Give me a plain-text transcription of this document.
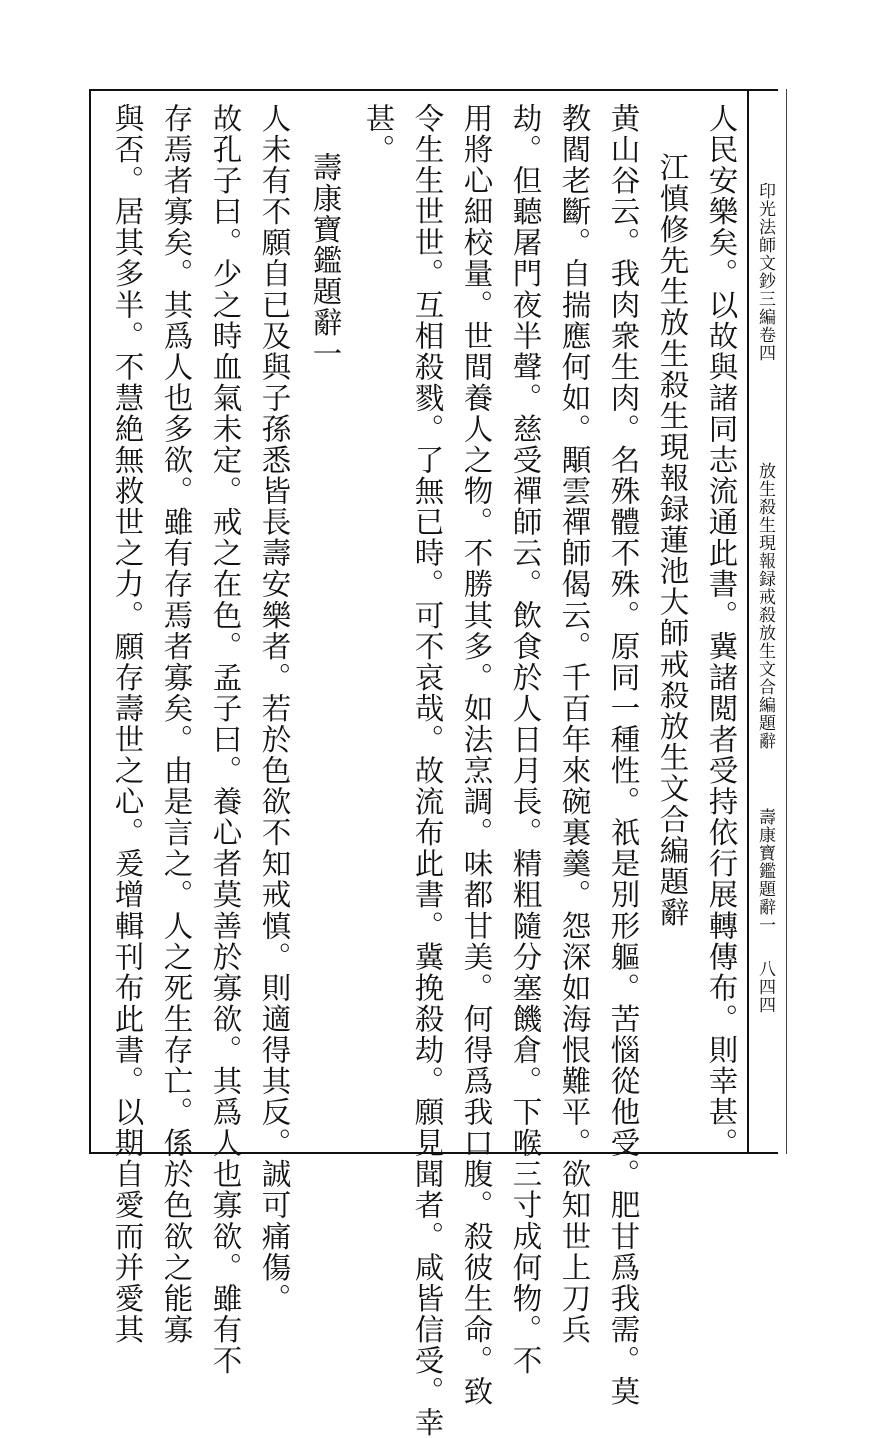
印光法師文鈔三編卷四
放生殺生現報録戒殺放生文合編題辭
壽康寶鑑題辭一
八四四
人民安樂矣。以故與諸同志流通此書。冀諸閲者受持依行展轉傳布。則幸甚。
江慎修先生放生殺生現報録蓮池大師戒殺放生文合編題辭
黄山谷云。我肉衆生肉。名殊體不殊。原同一種性。祇是別形軀。苦惱從他受。肥甘爲我需。莫
教閻老斷。自揣應何如。顒雲禪師偈云。千百年來碗裏羹。怨深如海恨難平。欲知世上刀兵
劫。但聽屠門夜半聲。慈受禪師云。飲食於人日月長。精粗隨分塞饑倉。下喉三寸成何物。不
用將心細校量。世間養人之物。不勝其多。如法烹調。味都甘美。何得爲我口腹。殺彼生命。致
令生生世世。互相殺戮。了無已時。可不哀哉。故流布此書。冀挽殺劫。願見聞者。咸皆信受。幸
甚。
壽康寶鑑題辭一
人未有不願自已及與子孫悉皆長壽安樂者。若於色欲不知戒慎。則適得其反。誠可痛傷。
故孔子曰。少之時血氣未定。戒之在色。孟子曰。養心者莫善於寡欲。其爲人也寡欲。雖有不
存焉者寡矣。其爲人也多欲。雖有存焉者寡矣。由是言之。人之死生存亡。係於色欲之能寡
與否。居其多半。不慧絶無救世之力。願存壽世之心。爰增輯刊布此書。以期自愛而并愛其
